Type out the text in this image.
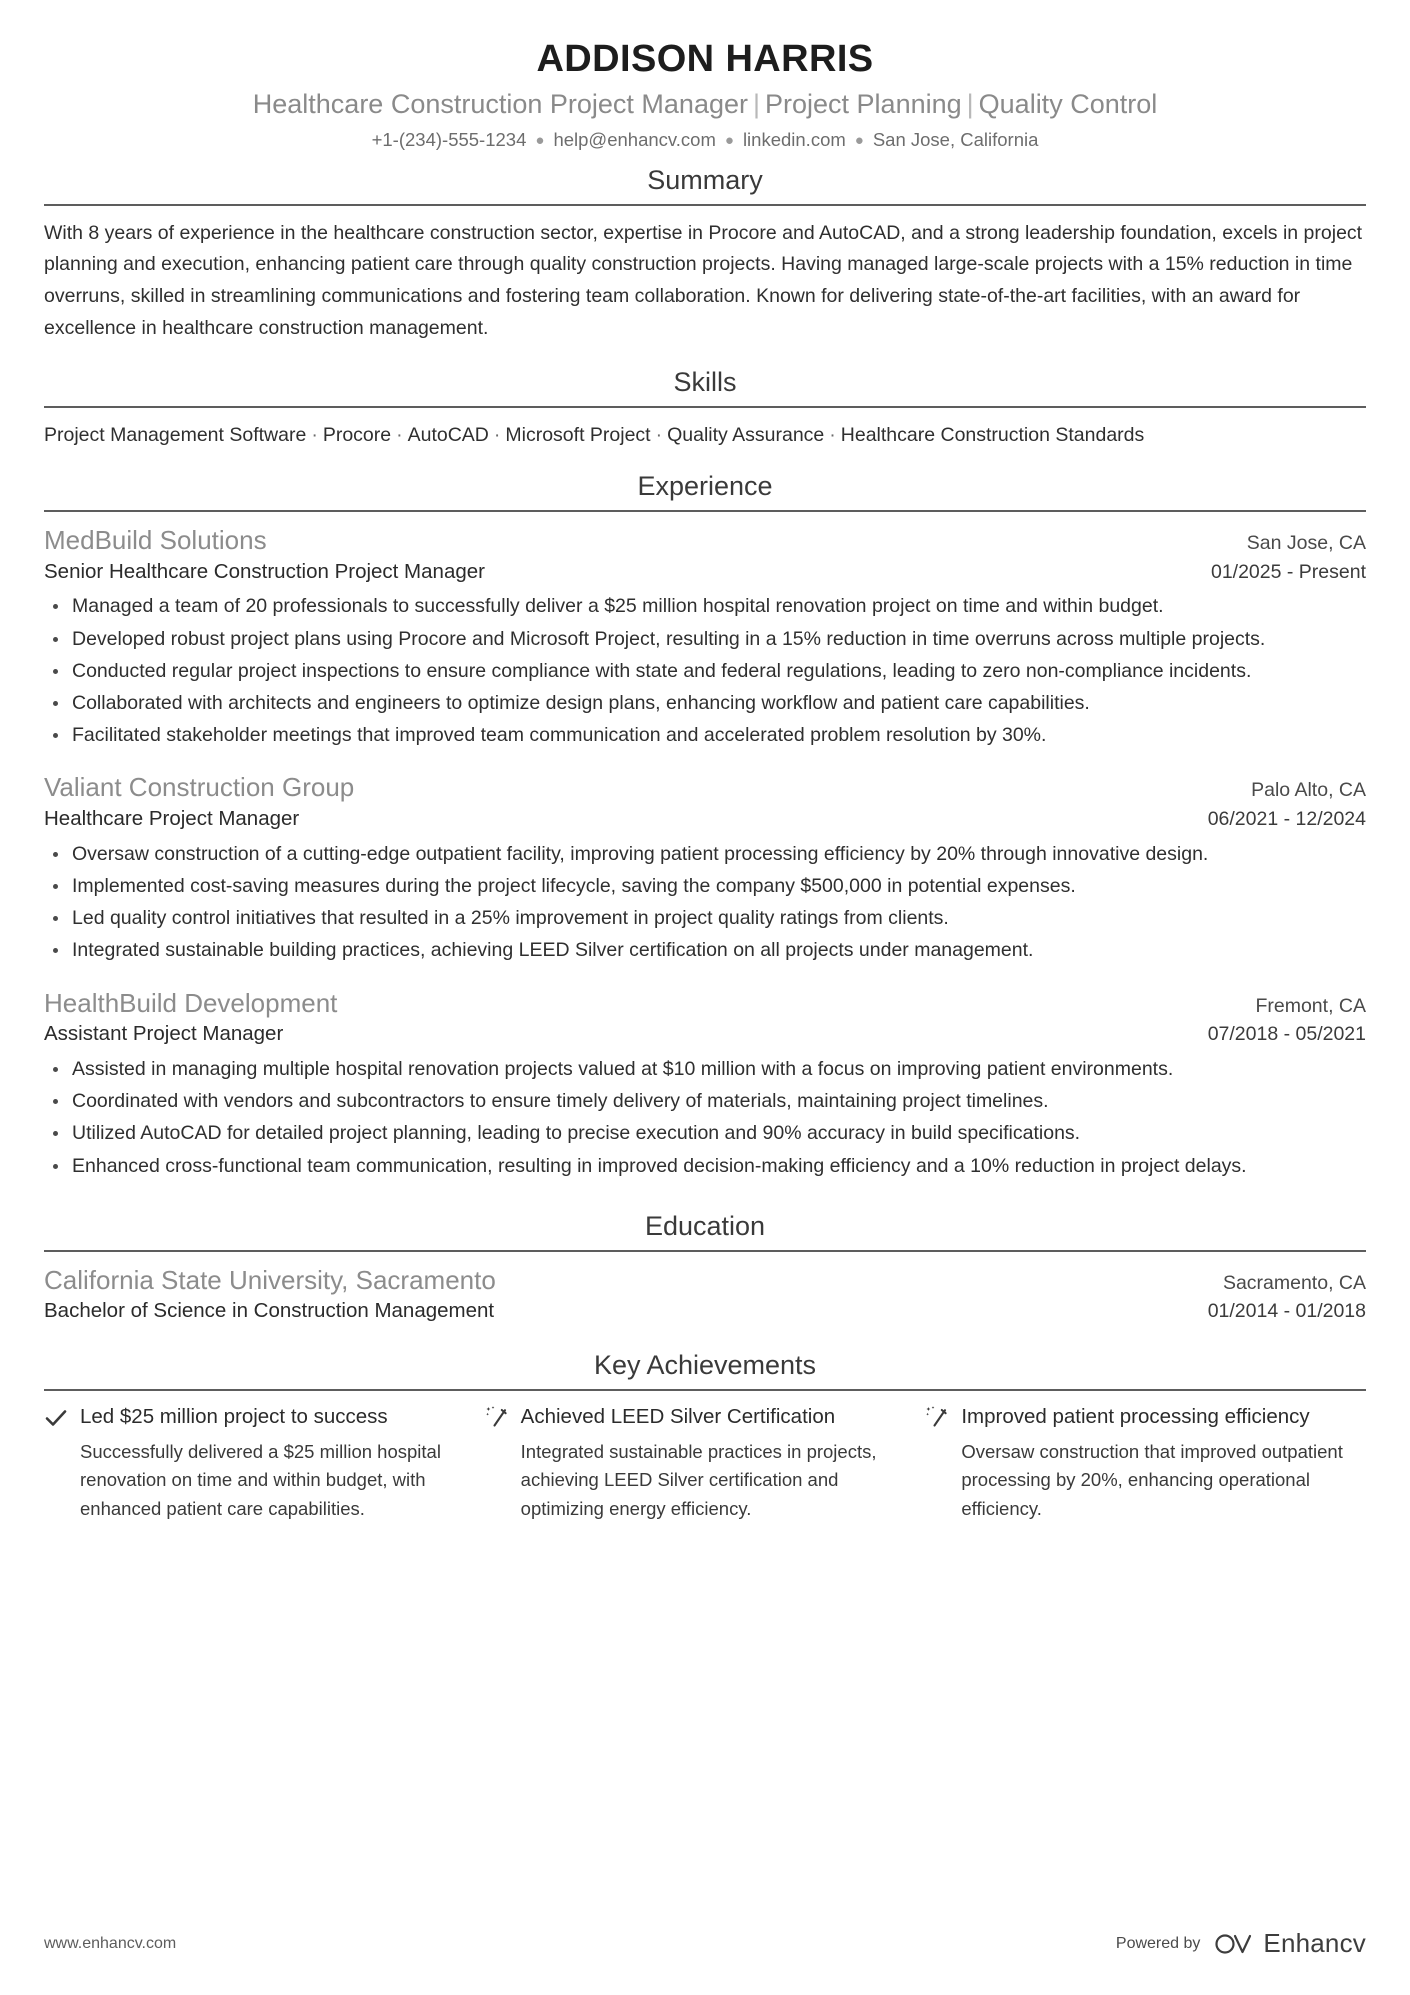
ADDISON HARRIS
Healthcare Construction Project Manager | Project Planning | Quality Control
+1-(234)-555-1234 ● help@enhancv.com ● linkedin.com ● San Jose, California
Summary
With 8 years of experience in the healthcare construction sector, expertise in Procore and AutoCAD, and a strong leadership foundation, excels in project planning and execution, enhancing patient care through quality construction projects. Having managed large-scale projects with a 15% reduction in time overruns, skilled in streamlining communications and fostering team collaboration. Known for delivering state-of-the-art facilities, with an award for excellence in healthcare construction management.
Skills
Project Management Software · Procore · AutoCAD · Microsoft Project · Quality Assurance · Healthcare Construction Standards
Experience
MedBuild Solutions	San Jose, CA
Senior Healthcare Construction Project Manager	01/2025 - Present
Managed a team of 20 professionals to successfully deliver a $25 million hospital renovation project on time and within budget.
Developed robust project plans using Procore and Microsoft Project, resulting in a 15% reduction in time overruns across multiple projects.
Conducted regular project inspections to ensure compliance with state and federal regulations, leading to zero non-compliance incidents.
Collaborated with architects and engineers to optimize design plans, enhancing workflow and patient care capabilities.
Facilitated stakeholder meetings that improved team communication and accelerated problem resolution by 30%.
Valiant Construction Group	Palo Alto, CA
Healthcare Project Manager	06/2021 - 12/2024
Oversaw construction of a cutting-edge outpatient facility, improving patient processing efficiency by 20% through innovative design.
Implemented cost-saving measures during the project lifecycle, saving the company $500,000 in potential expenses.
Led quality control initiatives that resulted in a 25% improvement in project quality ratings from clients.
Integrated sustainable building practices, achieving LEED Silver certification on all projects under management.
HealthBuild Development	Fremont, CA
Assistant Project Manager	07/2018 - 05/2021
Assisted in managing multiple hospital renovation projects valued at $10 million with a focus on improving patient environments.
Coordinated with vendors and subcontractors to ensure timely delivery of materials, maintaining project timelines.
Utilized AutoCAD for detailed project planning, leading to precise execution and 90% accuracy in build specifications.
Enhanced cross-functional team communication, resulting in improved decision-making efficiency and a 10% reduction in project delays.
Education
California State University, Sacramento	Sacramento, CA
Bachelor of Science in Construction Management	01/2014 - 01/2018
Key Achievements
Led $25 million project to success
Successfully delivered a $25 million hospital renovation on time and within budget, with enhanced patient care capabilities.
Achieved LEED Silver Certification
Integrated sustainable practices in projects, achieving LEED Silver certification and optimizing energy efficiency.
Improved patient processing efficiency
Oversaw construction that improved outpatient processing by 20%, enhancing operational efficiency.
www.enhancv.com	Powered by Enhancv
